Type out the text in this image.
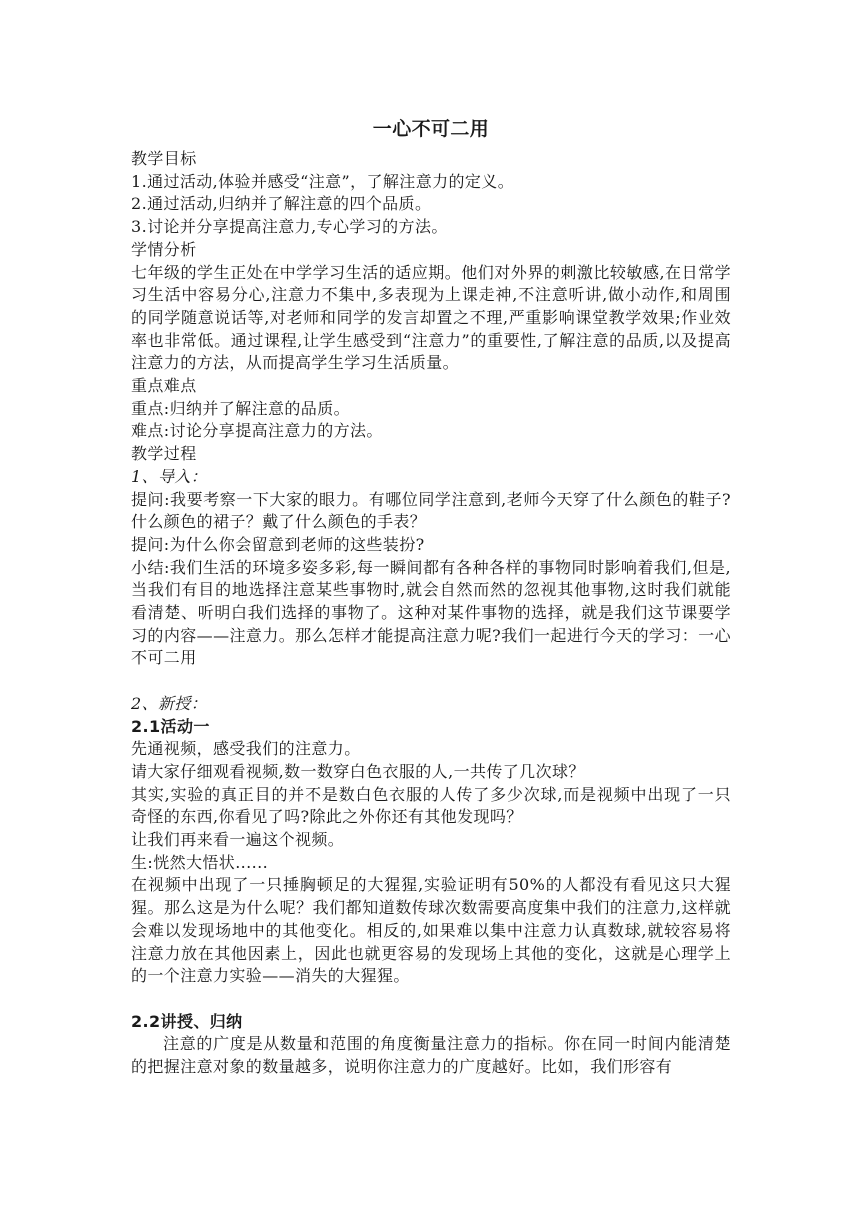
一心不可二用

教学目标

1.通过活动,体验并感受“注意”，了解注意力的定义。

2.通过活动,归纳并了解注意的四个品质。

3.讨论并分享提高注意力,专心学习的方法。

学情分析

七年级的学生正处在中学学习生活的适应期。他们对外界的刺激比较敏感,在日常学习生活中容易分心,注意力不集中,多表现为上课走神,不注意听讲,做小动作,和周围的同学随意说话等,对老师和同学的发言却置之不理,严重影响课堂教学效果;作业效率也非常低。通过课程,让学生感受到“注意力”的重要性,了解注意的品质,以及提高注意力的方法，从而提高学生学习生活质量。

重点难点

重点:归纳并了解注意的品质。

难点:讨论分享提高注意力的方法。

教学过程

1、导入：

提问:我要考察一下大家的眼力。有哪位同学注意到,老师今天穿了什么颜色的鞋子?什么颜色的裙子？戴了什么颜色的手表？

提问:为什么你会留意到老师的这些装扮?

小结:我们生活的环境多姿多彩,每一瞬间都有各种各样的事物同时影响着我们,但是,当我们有目的地选择注意某些事物时,就会自然而然的忽视其他事物,这时我们就能看清楚、听明白我们选择的事物了。这种对某件事物的选择，就是我们这节课要学习的内容——注意力。那么怎样才能提高注意力呢?我们一起进行今天的学习：一心不可二用

2、新授：

2.1活动一

先通视频，感受我们的注意力。

请大家仔细观看视频,数一数穿白色衣服的人,一共传了几次球？

其实,实验的真正目的并不是数白色衣服的人传了多少次球,而是视频中出现了一只奇怪的东西,你看见了吗?除此之外你还有其他发现吗？

让我们再来看一遍这个视频。

生:恍然大悟状......

在视频中出现了一只捶胸顿足的大猩猩,实验证明有50%的人都没有看见这只大猩猩。那么这是为什么呢？我们都知道数传球次数需要高度集中我们的注意力,这样就会难以发现场地中的其他变化。相反的,如果难以集中注意力认真数球,就较容易将注意力放在其他因素上，因此也就更容易的发现场上其他的变化，这就是心理学上的一个注意力实验——消失的大猩猩。

2.2讲授、归纳

注意的广度是从数量和范围的角度衡量注意力的指标。你在同一时间内能清楚的把握注意对象的数量越多，说明你注意力的广度越好。比如，我们形容有
